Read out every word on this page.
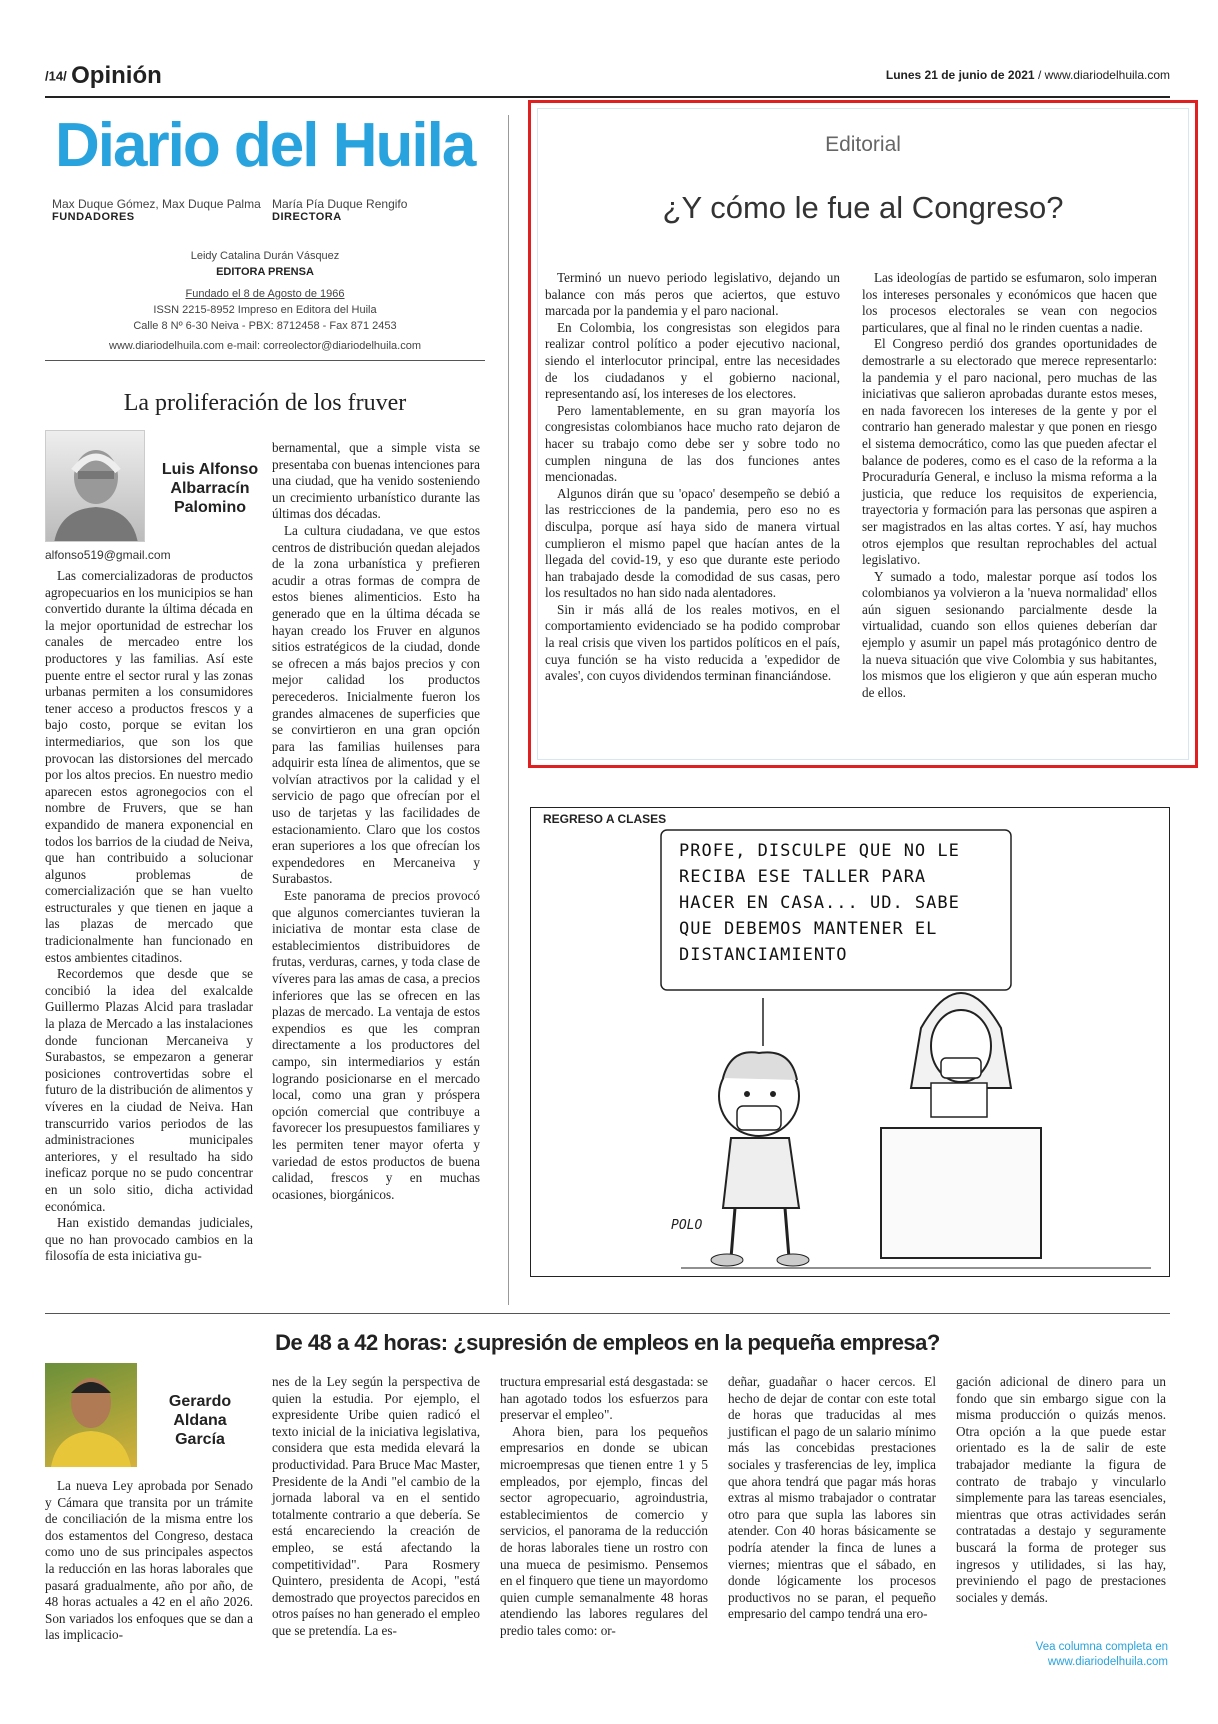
/14/ Opinión	Lunes 21 de junio de 2021 / www.diariodelhuila.com
Diario del Huila
Max Duque Gómez, Max Duque Palma
FUNDADORES
María Pía Duque Rengifo
DIRECTORA
Leidy Catalina Durán Vásquez
EDITORA PRENSA
Fundado el 8 de Agosto de 1966
ISSN 2215-8952 Impreso en Editora del Huila
Calle 8 Nº 6-30 Neiva - PBX: 8712458 - Fax 871 2453
www.diariodelhuila.com e-mail: correolector@diariodelhuila.com
La proliferación de los fruver
Luis Alfonso Albarracín Palomino
alfonso519@gmail.com

Las comercializadoras de productos agropecuarios en los municipios se han convertido durante la última década en la mejor oportunidad de estrechar los canales de mercadeo entre los productores y las familias. Así este puente entre el sector rural y las zonas urbanas permiten a los consumidores tener acceso a productos frescos y a bajo costo, porque se evitan los intermediarios, que son los que provocan las distorsiones del mercado por los altos precios. En nuestro medio aparecen estos agronegocios con el nombre de Fruvers, que se han expandido de manera exponencial en todos los barrios de la ciudad de Neiva, que han contribuido a solucionar algunos problemas de comercialización que se han vuelto estructurales y que tienen en jaque a las plazas de mercado que tradicionalmente han funcionado en estos ambientes citadinos.

Recordemos que desde que se concibió la idea del exalcalde Guillermo Plazas Alcid para trasladar la plaza de Mercado a las instalaciones donde funcionan Mercaneiva y Surabastos, se empezaron a generar posiciones controvertidas sobre el futuro de la distribución de alimentos y víveres en la ciudad de Neiva. Han transcurrido varios periodos de las administraciones municipales anteriores, y el resultado ha sido ineficaz porque no se pudo concentrar en un solo sitio, dicha actividad económica.

Han existido demandas judiciales, que no han provocado cambios en la filosofía de esta iniciativa gu-

bernamental, que a simple vista se presentaba con buenas intenciones para una ciudad, que ha venido sosteniendo un crecimiento urbanístico durante las últimas dos décadas.

La cultura ciudadana, ve que estos centros de distribución quedan alejados de la zona urbanística y prefieren acudir a otras formas de compra de estos bienes alimenticios. Esto ha generado que en la última década se hayan creado los Fruver en algunos sitios estratégicos de la ciudad, donde se ofrecen a más bajos precios y con mejor calidad los productos perecederos. Inicialmente fueron los grandes almacenes de superficies que se convirtieron en una gran opción para las familias huilenses para adquirir esta línea de alimentos, que se volvían atractivos por la calidad y el servicio de pago que ofrecían por el uso de tarjetas y las facilidades de estacionamiento. Claro que los costos eran superiores a los que ofrecían los expendedores en Mercaneiva y Surabastos.

Este panorama de precios provocó que algunos comerciantes tuvieran la iniciativa de montar esta clase de establecimientos distribuidores de frutas, verduras, carnes, y toda clase de víveres para las amas de casa, a precios inferiores que las se ofrecen en las plazas de mercado. La ventaja de estos expendios es que les compran directamente a los productores del campo, sin intermediarios y están logrando posicionarse en el mercado local, como una gran y próspera opción comercial que contribuye a favorecer los presupuestos familiares y les permiten tener mayor oferta y variedad de estos productos de buena calidad, frescos y en muchas ocasiones, biorgánicos.

Editorial
¿Y cómo le fue al Congreso?

Terminó un nuevo periodo legislativo, dejando un balance con más peros que aciertos, que estuvo marcada por la pandemia y el paro nacional.

En Colombia, los congresistas son elegidos para realizar control político a poder ejecutivo nacional, siendo el interlocutor principal, entre las necesidades de los ciudadanos y el gobierno nacional, representando así, los intereses de los electores.

Pero lamentablemente, en su gran mayoría los congresistas colombianos hace mucho rato dejaron de hacer su trabajo como debe ser y sobre todo no cumplen ninguna de las dos funciones antes mencionadas.

Algunos dirán que su 'opaco' desempeño se debió a las restricciones de la pandemia, pero eso no es disculpa, porque así haya sido de manera virtual cumplieron el mismo papel que hacían antes de la llegada del covid-19, y eso que durante este periodo han trabajado desde la comodidad de sus casas, pero los resultados no han sido nada alentadores.

Sin ir más allá de los reales motivos, en el comportamiento evidenciado se ha podido comprobar la real crisis que viven los partidos políticos en el país, cuya función se ha visto reducida a 'expedidor de avales', con cuyos dividendos terminan financiándose.

Las ideologías de partido se esfumaron, solo imperan los intereses personales y económicos que hacen que los procesos electorales se vean con negocios particulares, que al final no le rinden cuentas a nadie.

El Congreso perdió dos grandes oportunidades de demostrarle a su electorado que merece representarlo: la pandemia y el paro nacional, pero muchas de las iniciativas que salieron aprobadas durante estos meses, en nada favorecen los intereses de la gente y por el contrario han generado malestar y que ponen en riesgo el sistema democrático, como las que pueden afectar el balance de poderes, como es el caso de la reforma a la Procuraduría General, e incluso la misma reforma a la justicia, que reduce los requisitos de experiencia, trayectoria y formación para las personas que aspiren a ser magistrados en las altas cortes. Y así, hay muchos otros ejemplos que resultan reprochables del actual legislativo.

Y sumado a todo, malestar porque así todos los colombianos ya volvieron a la 'nueva normalidad' ellos aún siguen sesionando parcialmente desde la virtualidad, cuando son ellos quienes deberían dar ejemplo y asumir un papel más protagónico dentro de la nueva situación que vive Colombia y sus habitantes, los mismos que los eligieron y que aún esperan mucho de ellos.

REGRESO A CLASES
PROFE, DISCULPE QUE NO LE
RECIBA ESE TALLER PARA
HACER EN CASA... UD. SABE
QUE DEBEMOS MANTENER EL
DISTANCIAMIENTO
POLO
De 48 a 42 horas: ¿supresión de empleos en la pequeña empresa?
Gerardo Aldana García

La nueva Ley aprobada por Senado y Cámara que transita por un trámite de conciliación de la misma entre los dos estamentos del Congreso, destaca como uno de sus principales aspectos la reducción en las horas laborales que pasará gradualmente, año por año, de 48 horas actuales a 42 en el año 2026. Son variados los enfoques que se dan a las implicacio-

nes de la Ley según la perspectiva de quien la estudia. Por ejemplo, el expresidente Uribe quien radicó el texto inicial de la iniciativa legislativa, considera que esta medida elevará la productividad. Para Bruce Mac Master, Presidente de la Andi "el cambio de la jornada laboral va en el sentido totalmente contrario a que debería. Se está encareciendo la creación de empleo, se está afectando la competitividad". Para Rosmery Quintero, presidenta de Acopi, "está demostrado que proyectos parecidos en otros países no han generado el empleo que se pretendía. La es-

tructura empresarial está desgastada: se han agotado todos los esfuerzos para preservar el empleo".

Ahora bien, para los pequeños empresarios en donde se ubican microempresas que tienen entre 1 y 5 empleados, por ejemplo, fincas del sector agropecuario, agroindustria, establecimientos de comercio y servicios, el panorama de la reducción de horas laborales tiene un rostro con una mueca de pesimismo. Pensemos en el finquero que tiene un mayordomo quien cumple semanalmente 48 horas atendiendo las labores regulares del predio tales como: or-

deñar, guadañar o hacer cercos. El hecho de dejar de contar con este total de horas que traducidas al mes justifican el pago de un salario mínimo más las concebidas prestaciones sociales y trasferencias de ley, implica que ahora tendrá que pagar más horas extras al mismo trabajador o contratar otro para que supla las labores sin atender. Con 40 horas básicamente se podría atender la finca de lunes a viernes; mientras que el sábado, en donde lógicamente los procesos productivos no se paran, el pequeño empresario del campo tendrá una ero-

gación adicional de dinero para un fondo que sin embargo sigue con la misma producción o quizás menos. Otra opción a la que puede estar orientado es la de salir de este trabajador mediante la figura de contrato de trabajo y vincularlo simplemente para las tareas esenciales, mientras que otras actividades serán contratadas a destajo y seguramente buscará la forma de proteger sus ingresos y utilidades, si las hay, previniendo el pago de prestaciones sociales y demás.

Vea columna completa en
www.diariodelhuila.com
